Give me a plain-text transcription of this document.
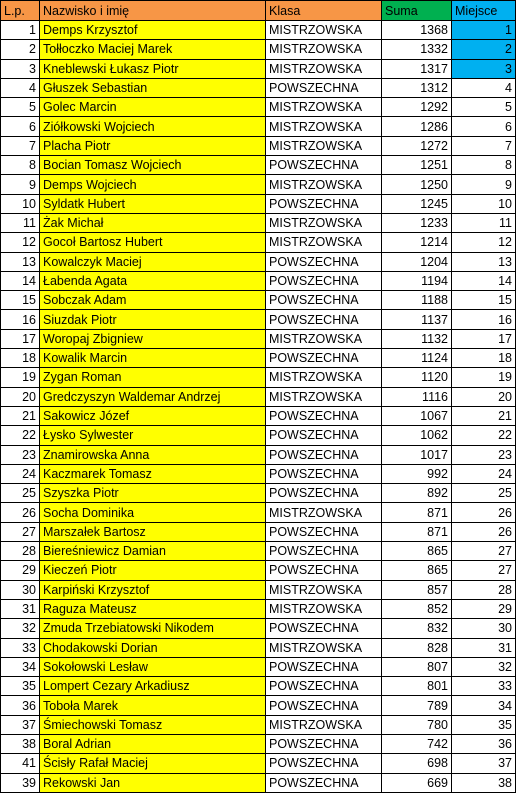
L.p.	Nazwisko i imię	Klasa	Suma	Miejsce
1	Demps Krzysztof	MISTRZOWSKA	1368	1
2	Tołłoczko Maciej Marek	MISTRZOWSKA	1332	2
3	Kneblewski Łukasz Piotr	MISTRZOWSKA	1317	3
4	Głuszek Sebastian	POWSZECHNA	1312	4
5	Golec Marcin	MISTRZOWSKA	1292	5
6	Ziółkowski Wojciech	MISTRZOWSKA	1286	6
7	Placha Piotr	MISTRZOWSKA	1272	7
8	Bocian Tomasz Wojciech	POWSZECHNA	1251	8
9	Demps Wojciech	MISTRZOWSKA	1250	9
10	Syldatk Hubert	POWSZECHNA	1245	10
11	Żak Michał	MISTRZOWSKA	1233	11
12	Gocoł Bartosz Hubert	MISTRZOWSKA	1214	12
13	Kowalczyk Maciej	POWSZECHNA	1204	13
14	Łabenda Agata	POWSZECHNA	1194	14
15	Sobczak Adam	POWSZECHNA	1188	15
16	Siuzdak Piotr	POWSZECHNA	1137	16
17	Woropaj Zbigniew	MISTRZOWSKA	1132	17
18	Kowalik Marcin	POWSZECHNA	1124	18
19	Zygan Roman	MISTRZOWSKA	1120	19
20	Gredczyszyn Waldemar Andrzej	MISTRZOWSKA	1116	20
21	Sakowicz Józef	POWSZECHNA	1067	21
22	Łysko Sylwester	POWSZECHNA	1062	22
23	Znamirowska Anna	POWSZECHNA	1017	23
24	Kaczmarek Tomasz	POWSZECHNA	992	24
25	Szyszka Piotr	POWSZECHNA	892	25
26	Socha Dominika	MISTRZOWSKA	871	26
27	Marszałek Bartosz	POWSZECHNA	871	26
28	Biereśniewicz Damian	POWSZECHNA	865	27
29	Kieczeń Piotr	POWSZECHNA	865	27
30	Karpiński Krzysztof	MISTRZOWSKA	857	28
31	Raguza Mateusz	MISTRZOWSKA	852	29
32	Zmuda Trzebiatowski Nikodem	POWSZECHNA	832	30
33	Chodakowski Dorian	MISTRZOWSKA	828	31
34	Sokołowski Lesław	POWSZECHNA	807	32
35	Lompert Cezary Arkadiusz	POWSZECHNA	801	33
36	Toboła Marek	POWSZECHNA	789	34
37	Śmiechowski Tomasz	MISTRZOWSKA	780	35
38	Boral Adrian	POWSZECHNA	742	36
41	Ścisły Rafał Maciej	POWSZECHNA	698	37
39	Rekowski Jan	POWSZECHNA	669	38
